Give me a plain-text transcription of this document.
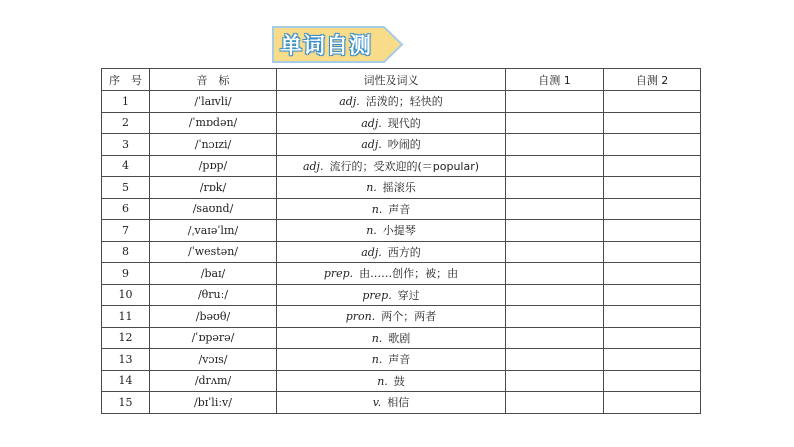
单词自测
序　号	音　标	词性及词义	自测 1	自测 2
1	/ˈlaɪvli/	adj. 活泼的；轻快的		
2	/ˈmɒdən/	adj. 现代的		
3	/ˈnɔɪzi/	adj. 吵闹的		
4	/pɒp/	adj. 流行的；受欢迎的(＝popular)		
5	/rɒk/	n. 摇滚乐		
6	/saʊnd/	n. 声音		
7	/ˌvaɪəˈlɪn/	n. 小提琴		
8	/ˈwestən/	adj. 西方的		
9	/baɪ/	prep. 由……创作；被；由		
10	/θruː/	prep. 穿过		
11	/bəʊθ/	pron. 两个；两者		
12	/ˈɒpərə/	n. 歌剧		
13	/vɔɪs/	n. 声音		
14	/drʌm/	n. 鼓		
15	/bɪˈliːv/	v. 相信		
